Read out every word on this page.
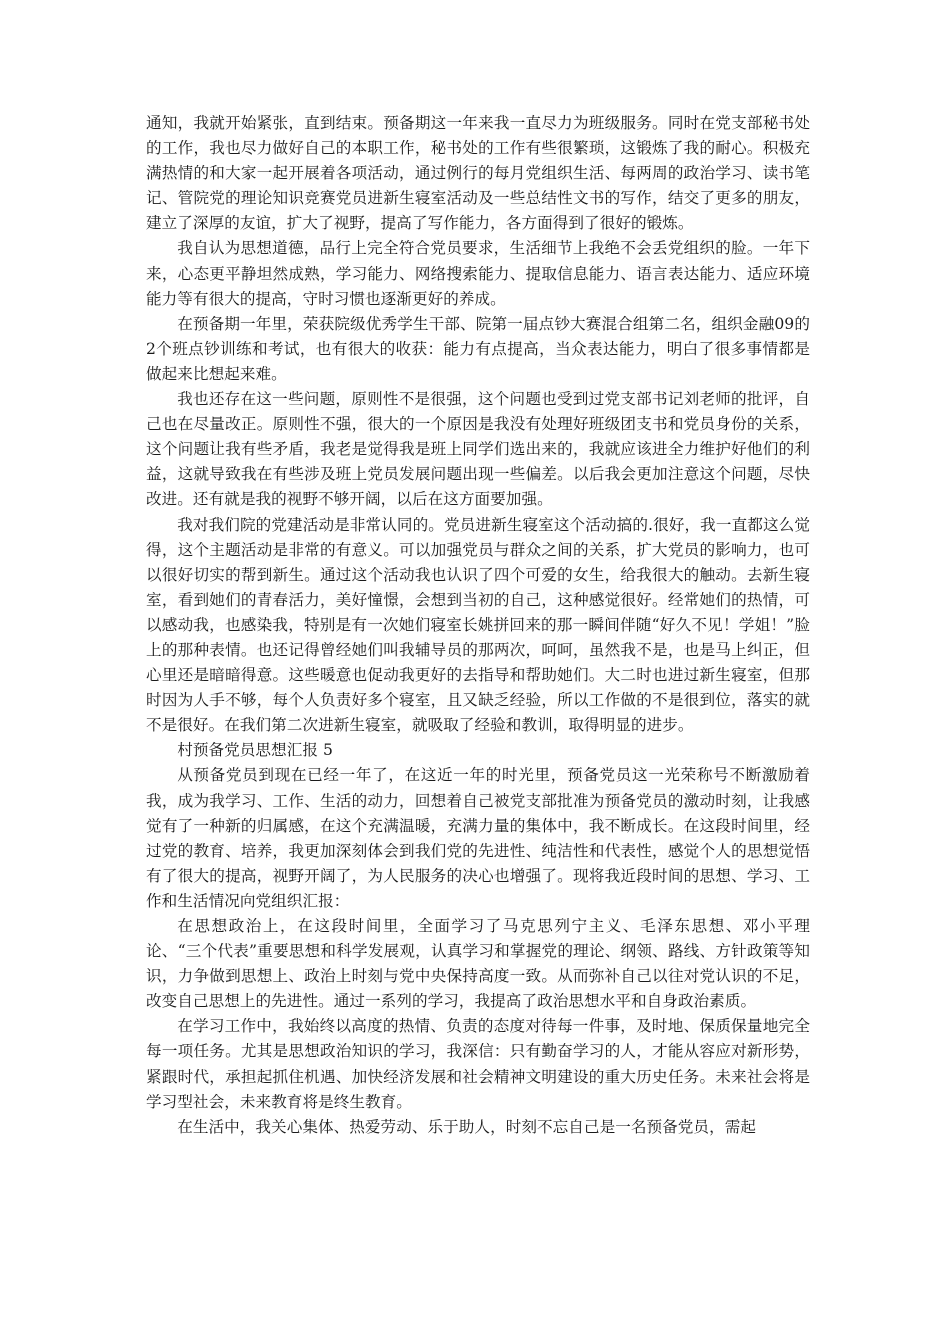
通知，我就开始紧张，直到结束。预备期这一年来我一直尽力为班级服务。同时在党支部秘书处的工作，我也尽力做好自己的本职工作，秘书处的工作有些很繁琐，这锻炼了我的耐心。积极充满热情的和大家一起开展着各项活动，通过例行的每月党组织生活、每两周的政治学习、读书笔记、管院党的理论知识竞赛党员进新生寝室活动及一些总结性文书的写作，结交了更多的朋友，建立了深厚的友谊，扩大了视野，提高了写作能力，各方面得到了很好的锻炼。

我自认为思想道德，品行上完全符合党员要求，生活细节上我绝不会丢党组织的脸。一年下来，心态更平静坦然成熟，学习能力、网络搜索能力、提取信息能力、语言表达能力、适应环境能力等有很大的提高，守时习惯也逐渐更好的养成。

在预备期一年里，荣获院级优秀学生干部、院第一届点钞大赛混合组第二名，组织金融09的2个班点钞训练和考试，也有很大的收获：能力有点提高，当众表达能力，明白了很多事情都是做起来比想起来难。

我也还存在这一些问题，原则性不是很强，这个问题也受到过党支部书记刘老师的批评，自己也在尽量改正。原则性不强，很大的一个原因是我没有处理好班级团支书和党员身份的关系，这个问题让我有些矛盾，我老是觉得我是班上同学们选出来的，我就应该进全力维护好他们的利益，这就导致我在有些涉及班上党员发展问题出现一些偏差。以后我会更加注意这个问题，尽快改进。还有就是我的视野不够开阔，以后在这方面要加强。

我对我们院的党建活动是非常认同的。党员进新生寝室这个活动搞的.很好，我一直都这么觉得，这个主题活动是非常的有意义。可以加强党员与群众之间的关系，扩大党员的影响力，也可以很好切实的帮到新生。通过这个活动我也认识了四个可爱的女生，给我很大的触动。去新生寝室，看到她们的青春活力，美好憧憬，会想到当初的自己，这种感觉很好。经常她们的热情，可以感动我，也感染我，特别是有一次她们寝室长姚拼回来的那一瞬间伴随“好久不见！学姐！”脸上的那种表情。也还记得曾经她们叫我辅导员的那两次，呵呵，虽然我不是，也是马上纠正，但心里还是暗暗得意。这些暖意也促动我更好的去指导和帮助她们。大二时也进过新生寝室，但那时因为人手不够，每个人负责好多个寝室，且又缺乏经验，所以工作做的不是很到位，落实的就不是很好。在我们第二次进新生寝室，就吸取了经验和教训，取得明显的进步。

村预备党员思想汇报 5

从预备党员到现在已经一年了，在这近一年的时光里，预备党员这一光荣称号不断激励着我，成为我学习、工作、生活的动力，回想着自己被党支部批准为预备党员的激动时刻，让我感觉有了一种新的归属感，在这个充满温暖，充满力量的集体中，我不断成长。在这段时间里，经过党的教育、培养，我更加深刻体会到我们党的先进性、纯洁性和代表性，感觉个人的思想觉悟有了很大的提高，视野开阔了，为人民服务的决心也增强了。现将我近段时间的思想、学习、工作和生活情况向党组织汇报：

在思想政治上，在这段时间里，全面学习了马克思列宁主义、毛泽东思想、邓小平理论、“三个代表”重要思想和科学发展观，认真学习和掌握党的理论、纲领、路线、方针政策等知识，力争做到思想上、政治上时刻与党中央保持高度一致。从而弥补自己以往对党认识的不足，改变自己思想上的先进性。通过一系列的学习，我提高了政治思想水平和自身政治素质。

在学习工作中，我始终以高度的热情、负责的态度对待每一件事，及时地、保质保量地完全每一项任务。尤其是思想政治知识的学习，我深信：只有勤奋学习的人，才能从容应对新形势，紧跟时代，承担起抓住机遇、加快经济发展和社会精神文明建设的重大历史任务。未来社会将是学习型社会，未来教育将是终生教育。

在生活中，我关心集体、热爱劳动、乐于助人，时刻不忘自己是一名预备党员，需起
